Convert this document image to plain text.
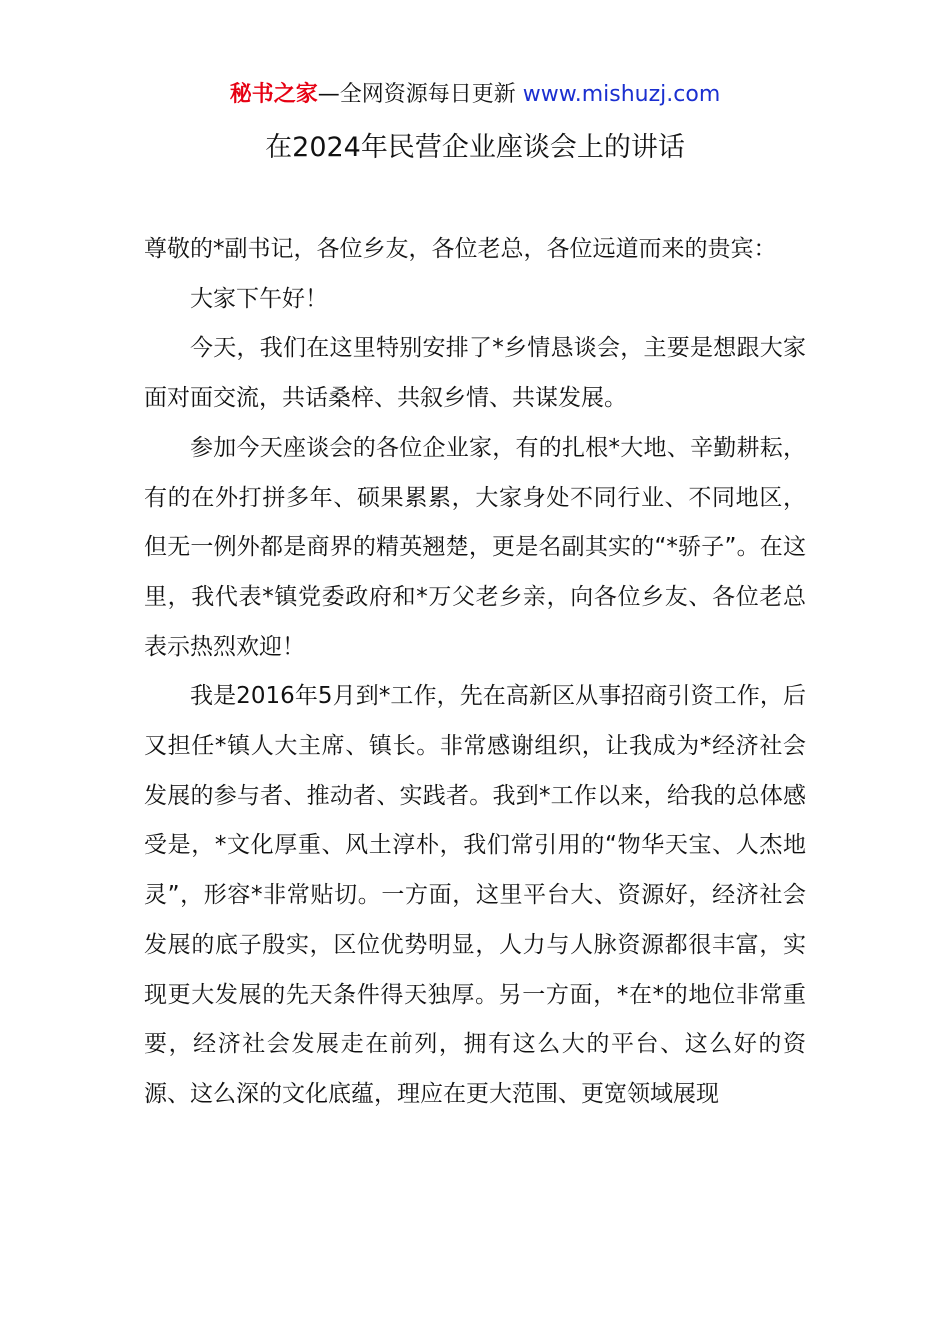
秘书之家—全网资源每日更新 www.mishuzj.com
在2024年民营企业座谈会上的讲话

尊敬的*副书记，各位乡友，各位老总，各位远道而来的贵宾：

大家下午好！

今天，我们在这里特别安排了*乡情恳谈会，主要是想跟大家面对面交流，共话桑梓、共叙乡情、共谋发展。

参加今天座谈会的各位企业家，有的扎根*大地、辛勤耕耘，有的在外打拼多年、硕果累累，大家身处不同行业、不同地区，但无一例外都是商界的精英翘楚，更是名副其实的“*骄子”。在这里，我代表*镇党委政府和*万父老乡亲，向各位乡友、各位老总表示热烈欢迎！

我是2016年5月到*工作，先在高新区从事招商引资工作，后又担任*镇人大主席、镇长。非常感谢组织，让我成为*经济社会发展的参与者、推动者、实践者。我到*工作以来，给我的总体感受是，*文化厚重、风土淳朴，我们常引用的“物华天宝、人杰地灵”，形容*非常贴切。一方面，这里平台大、资源好，经济社会发展的底子殷实，区位优势明显，人力与人脉资源都很丰富，实现更大发展的先天条件得天独厚。另一方面，*在*的地位非常重要，经济社会发展走在前列，拥有这么大的平台、这么好的资源、这么深的文化底蕴，理应在更大范围、更宽领域展现
